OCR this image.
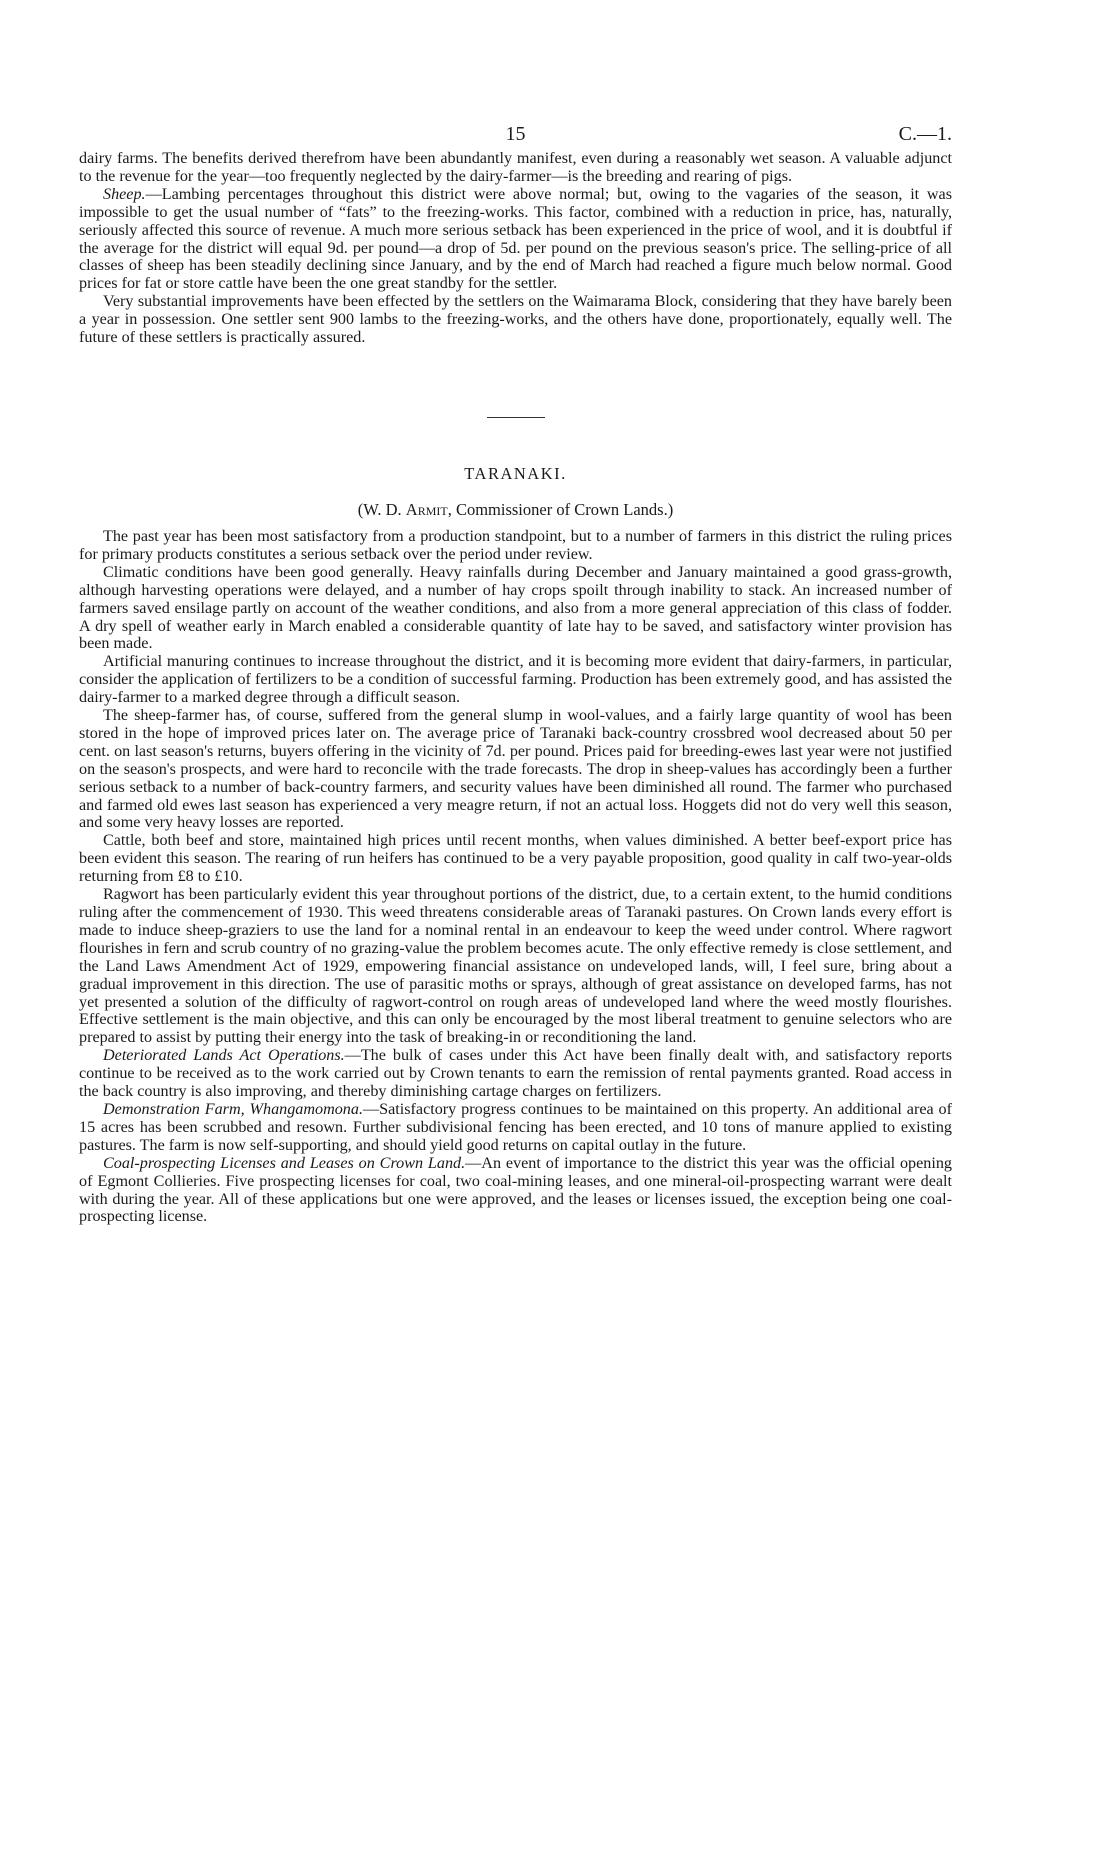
15	C.—1.

dairy farms. The benefits derived therefrom have been abundantly manifest, even during a reasonably wet season. A valuable adjunct to the revenue for the year—too frequently neglected by the dairy-farmer—is the breeding and rearing of pigs.

Sheep.—Lambing percentages throughout this district were above normal; but, owing to the vagaries of the season, it was impossible to get the usual number of “fats” to the freezing-works. This factor, combined with a reduction in price, has, naturally, seriously affected this source of revenue. A much more serious setback has been experienced in the price of wool, and it is doubtful if the average for the district will equal 9d. per pound—a drop of 5d. per pound on the previous season's price. The selling-price of all classes of sheep has been steadily declining since January, and by the end of March had reached a figure much below normal. Good prices for fat or store cattle have been the one great standby for the settler.

Very substantial improvements have been effected by the settlers on the Waimarama Block, considering that they have barely been a year in possession. One settler sent 900 lambs to the freezing-works, and the others have done, proportionately, equally well. The future of these settlers is practically assured.

TARANAKI.
(W. D. Armit, Commissioner of Crown Lands.)

The past year has been most satisfactory from a production standpoint, but to a number of farmers in this district the ruling prices for primary products constitutes a serious setback over the period under review.

Climatic conditions have been good generally. Heavy rainfalls during December and January maintained a good grass-growth, although harvesting operations were delayed, and a number of hay crops spoilt through inability to stack. An increased number of farmers saved ensilage partly on account of the weather conditions, and also from a more general appreciation of this class of fodder. A dry spell of weather early in March enabled a considerable quantity of late hay to be saved, and satisfactory winter provision has been made.

Artificial manuring continues to increase throughout the district, and it is becoming more evident that dairy-farmers, in particular, consider the application of fertilizers to be a condition of successful farming. Production has been extremely good, and has assisted the dairy-farmer to a marked degree through a difficult season.

The sheep-farmer has, of course, suffered from the general slump in wool-values, and a fairly large quantity of wool has been stored in the hope of improved prices later on. The average price of Taranaki back-country crossbred wool decreased about 50 per cent. on last season's returns, buyers offering in the vicinity of 7d. per pound. Prices paid for breeding-ewes last year were not justified on the season's prospects, and were hard to reconcile with the trade forecasts. The drop in sheep-values has accordingly been a further serious setback to a number of back-country farmers, and security values have been diminished all round. The farmer who purchased and farmed old ewes last season has experienced a very meagre return, if not an actual loss. Hoggets did not do very well this season, and some very heavy losses are reported.

Cattle, both beef and store, maintained high prices until recent months, when values diminished. A better beef-export price has been evident this season. The rearing of run heifers has continued to be a very payable proposition, good quality in calf two-year-olds returning from £8 to £10.

Ragwort has been particularly evident this year throughout portions of the district, due, to a certain extent, to the humid conditions ruling after the commencement of 1930. This weed threatens considerable areas of Taranaki pastures. On Crown lands every effort is made to induce sheep-graziers to use the land for a nominal rental in an endeavour to keep the weed under control. Where ragwort flourishes in fern and scrub country of no grazing-value the problem becomes acute. The only effective remedy is close settlement, and the Land Laws Amendment Act of 1929, empowering financial assistance on undeveloped lands, will, I feel sure, bring about a gradual improvement in this direction. The use of parasitic moths or sprays, although of great assistance on developed farms, has not yet presented a solution of the difficulty of ragwort-control on rough areas of undeveloped land where the weed mostly flourishes. Effective settlement is the main objective, and this can only be encouraged by the most liberal treatment to genuine selectors who are prepared to assist by putting their energy into the task of breaking-in or reconditioning the land.

Deteriorated Lands Act Operations.—The bulk of cases under this Act have been finally dealt with, and satisfactory reports continue to be received as to the work carried out by Crown tenants to earn the remission of rental payments granted. Road access in the back country is also improving, and thereby diminishing cartage charges on fertilizers.

Demonstration Farm, Whangamomona.—Satisfactory progress continues to be maintained on this property. An additional area of 15 acres has been scrubbed and resown. Further subdivisional fencing has been erected, and 10 tons of manure applied to existing pastures. The farm is now self-supporting, and should yield good returns on capital outlay in the future.

Coal-prospecting Licenses and Leases on Crown Land.—An event of importance to the district this year was the official opening of Egmont Collieries. Five prospecting licenses for coal, two coal-mining leases, and one mineral-oil-prospecting warrant were dealt with during the year. All of these applications but one were approved, and the leases or licenses issued, the exception being one coal-prospecting license.
